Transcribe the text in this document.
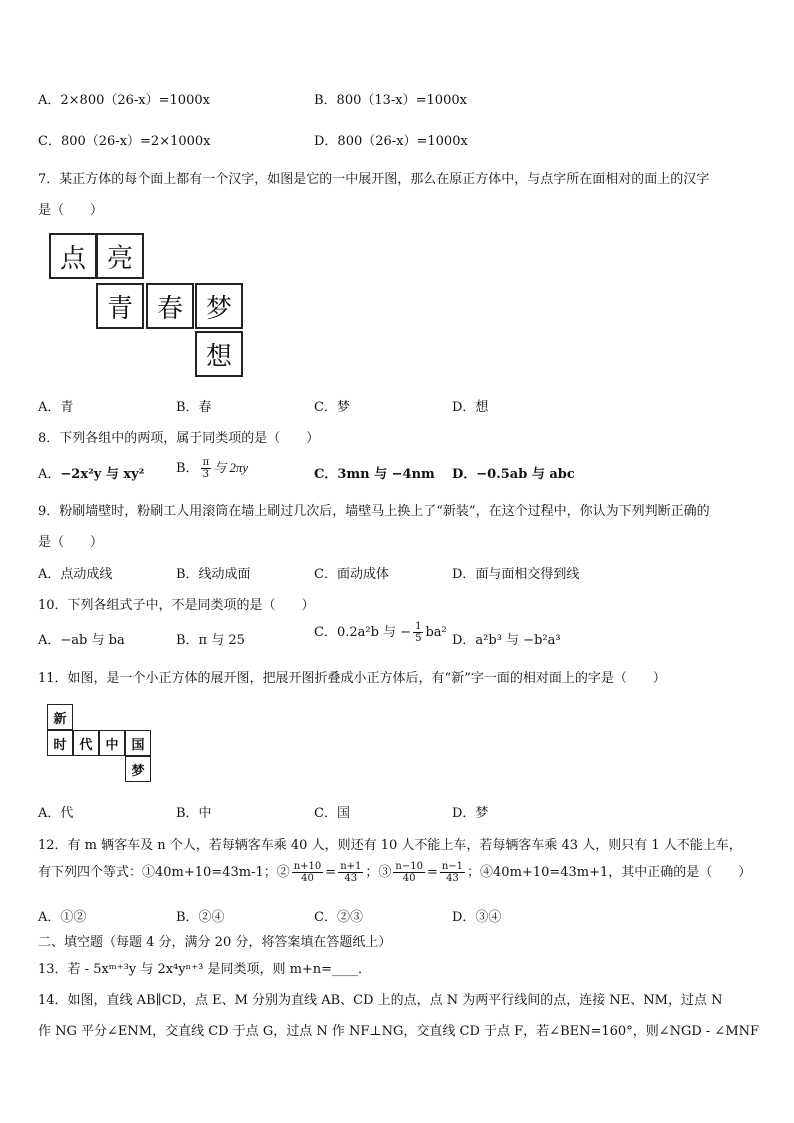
A．2×800（26-x）=1000x	B．800（13-x）=1000x
C．800（26-x）=2×1000x	D．800（26-x）=1000x
7．某正方体的每个面上都有一个汉字，如图是它的一中展开图，那么在原正方体中，与点字所在面相对的面上的汉字
是（　　）
点 亮
青 春 梦
想
A．青	B．春	C．梦	D．想
8．下列各组中的两项，属于同类项的是（　　）
A．−2x²y 与 xy² B． $\frac{\pi}{3}$ 与 2πy	C．3mn 与 −4nm D．−0.5ab 与 abc
9．粉刷墙壁时，粉刷工人用滚筒在墙上刷过几次后，墙壁马上换上了“新装”，在这个过程中，你认为下列判断正确的
是（　　）
A．点动成线	B．线动成面	C．面动成体	D．面与面相交得到线
10．下列各组式子中，不是同类项的是（　　）
A．−ab 与 ba	B．π 与 25
C．0.2a²b 与 − $\frac{1}{5} ba^2$
D．a²b³ 与 −b²a³
11．如图，是一个小正方体的展开图，把展开图折叠成小正方体后，有“新”字一面的相对面上的字是（　　）
新
时 代 中 国
梦
A．代	B．中	C．国	D．梦
12．有 m 辆客车及 n 个人，若每辆客车乘 40 人，则还有 10 人不能上车，若每辆客车乘 43 人，则只有 1 人不能上车，
有下列四个等式：①40m+10=43m-1；② $\frac{n+10}{40} = \frac{n+1}{43}$ ；③ $\frac{n-10}{40} = \frac{n-1}{43}$ ；④40m+10=43m+1，其中正确的是（　　）
A．①②	B．②④	C．②③	D．③④
二、填空题（每题 4 分，满分 20 分，将答案填在答题纸上）
13．若 - 5xᵐ⁺³y 与 2x⁴yⁿ⁺³ 是同类项，则 m+n=____．
14．如图，直线 AB∥CD，点 E、M 分别为直线 AB、CD 上的点，点 N 为两平行线间的点，连接 NE、NM，过点 N
作 NG 平分∠ENM，交直线 CD 于点 G，过点 N 作 NF⊥NG，交直线 CD 于点 F，若∠BEN=160°，则∠NGD - ∠MNF
